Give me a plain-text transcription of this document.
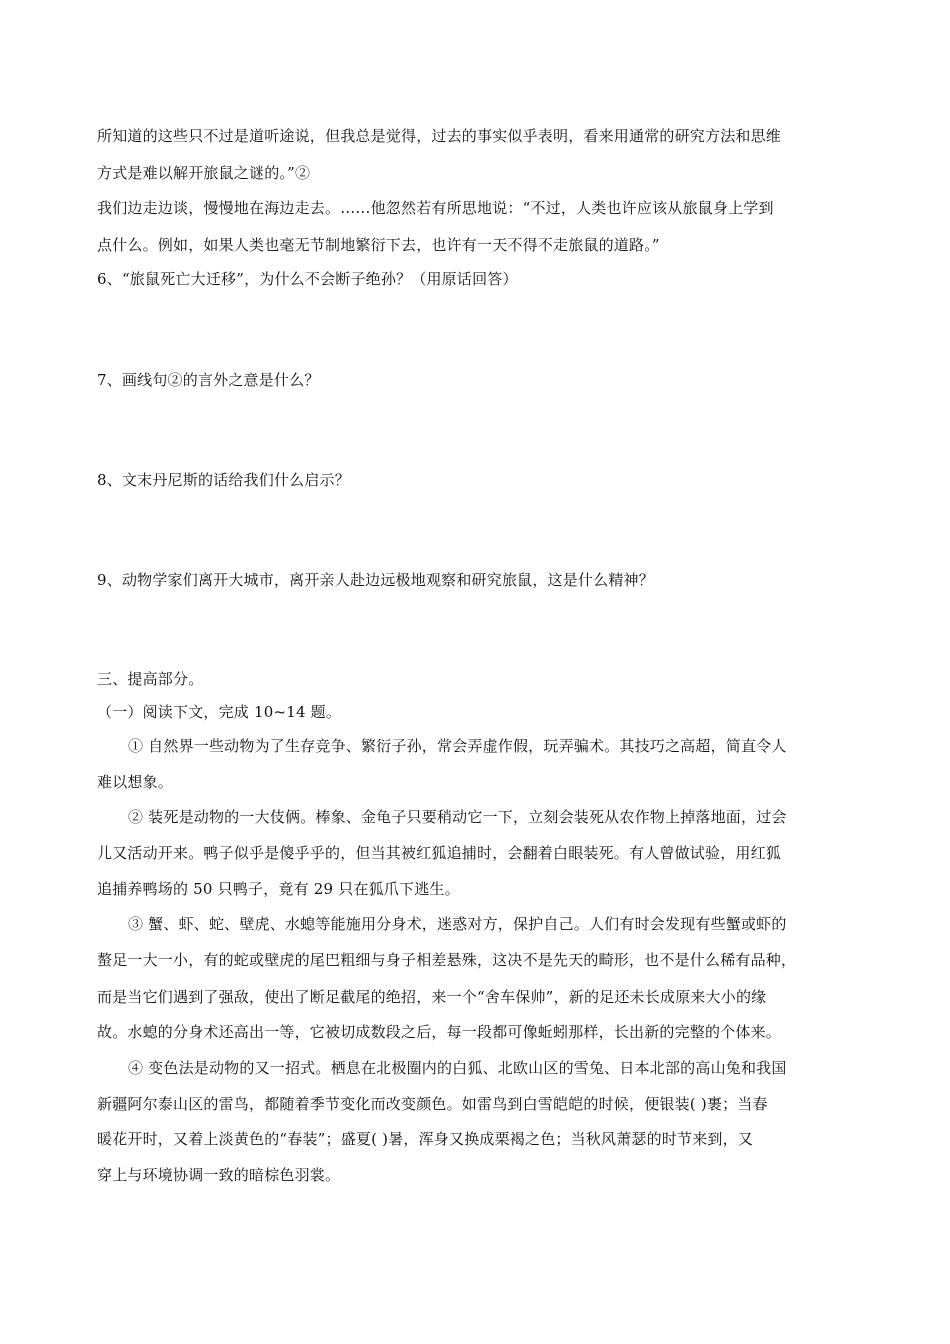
所知道的这些只不过是道听途说，但我总是觉得，过去的事实似乎表明，看来用通常的研究方法和思维
方式是难以解开旅鼠之谜的。”②
我们边走边谈，慢慢地在海边走去。……他忽然若有所思地说：“不过，人类也许应该从旅鼠身上学到
点什么。例如，如果人类也毫无节制地繁衍下去，也许有一天不得不走旅鼠的道路。”
6、“旅鼠死亡大迁移”，为什么不会断子绝孙？（用原话回答）
7、画线句②的言外之意是什么？
8、文末丹尼斯的话给我们什么启示？
9、动物学家们离开大城市，离开亲人赴边远极地观察和研究旅鼠，这是什么精神？
三、提高部分。
（一）阅读下文，完成 10~14 题。
① 自然界一些动物为了生存竞争、繁衍子孙，常会弄虚作假，玩弄骗术。其技巧之高超，简直令人
难以想象。
② 装死是动物的一大伎俩。棒象、金龟子只要稍动它一下，立刻会装死从农作物上掉落地面，过会
儿又活动开来。鸭子似乎是傻乎乎的，但当其被红狐追捕时，会翻着白眼装死。有人曾做试验，用红狐
追捕养鸭场的 50 只鸭子，竟有 29 只在狐爪下逃生。
③ 蟹、虾、蛇、壁虎、水螅等能施用分身术，迷惑对方，保护自己。人们有时会发现有些蟹或虾的
螯足一大一小，有的蛇或壁虎的尾巴粗细与身子相差悬殊，这决不是先天的畸形，也不是什么稀有品种，
而是当它们遇到了强敌，使出了断足截尾的绝招，来一个“舍车保帅”，新的足还未长成原来大小的缘
故。水螅的分身术还高出一等，它被切成数段之后，每一段都可像蚯蚓那样，长出新的完整的个体来。
④ 变色法是动物的又一招式。栖息在北极圈内的白狐、北欧山区的雪兔、日本北部的高山兔和我国
新疆阿尔泰山区的雷鸟，都随着季节变化而改变颜色。如雷鸟到白雪皑皑的时候，便银装( )裹；当春
暖花开时，又着上淡黄色的“春装”；盛夏( )暑，浑身又换成栗褐之色；当秋风萧瑟的时节来到，又
穿上与环境协调一致的暗棕色羽裳。
